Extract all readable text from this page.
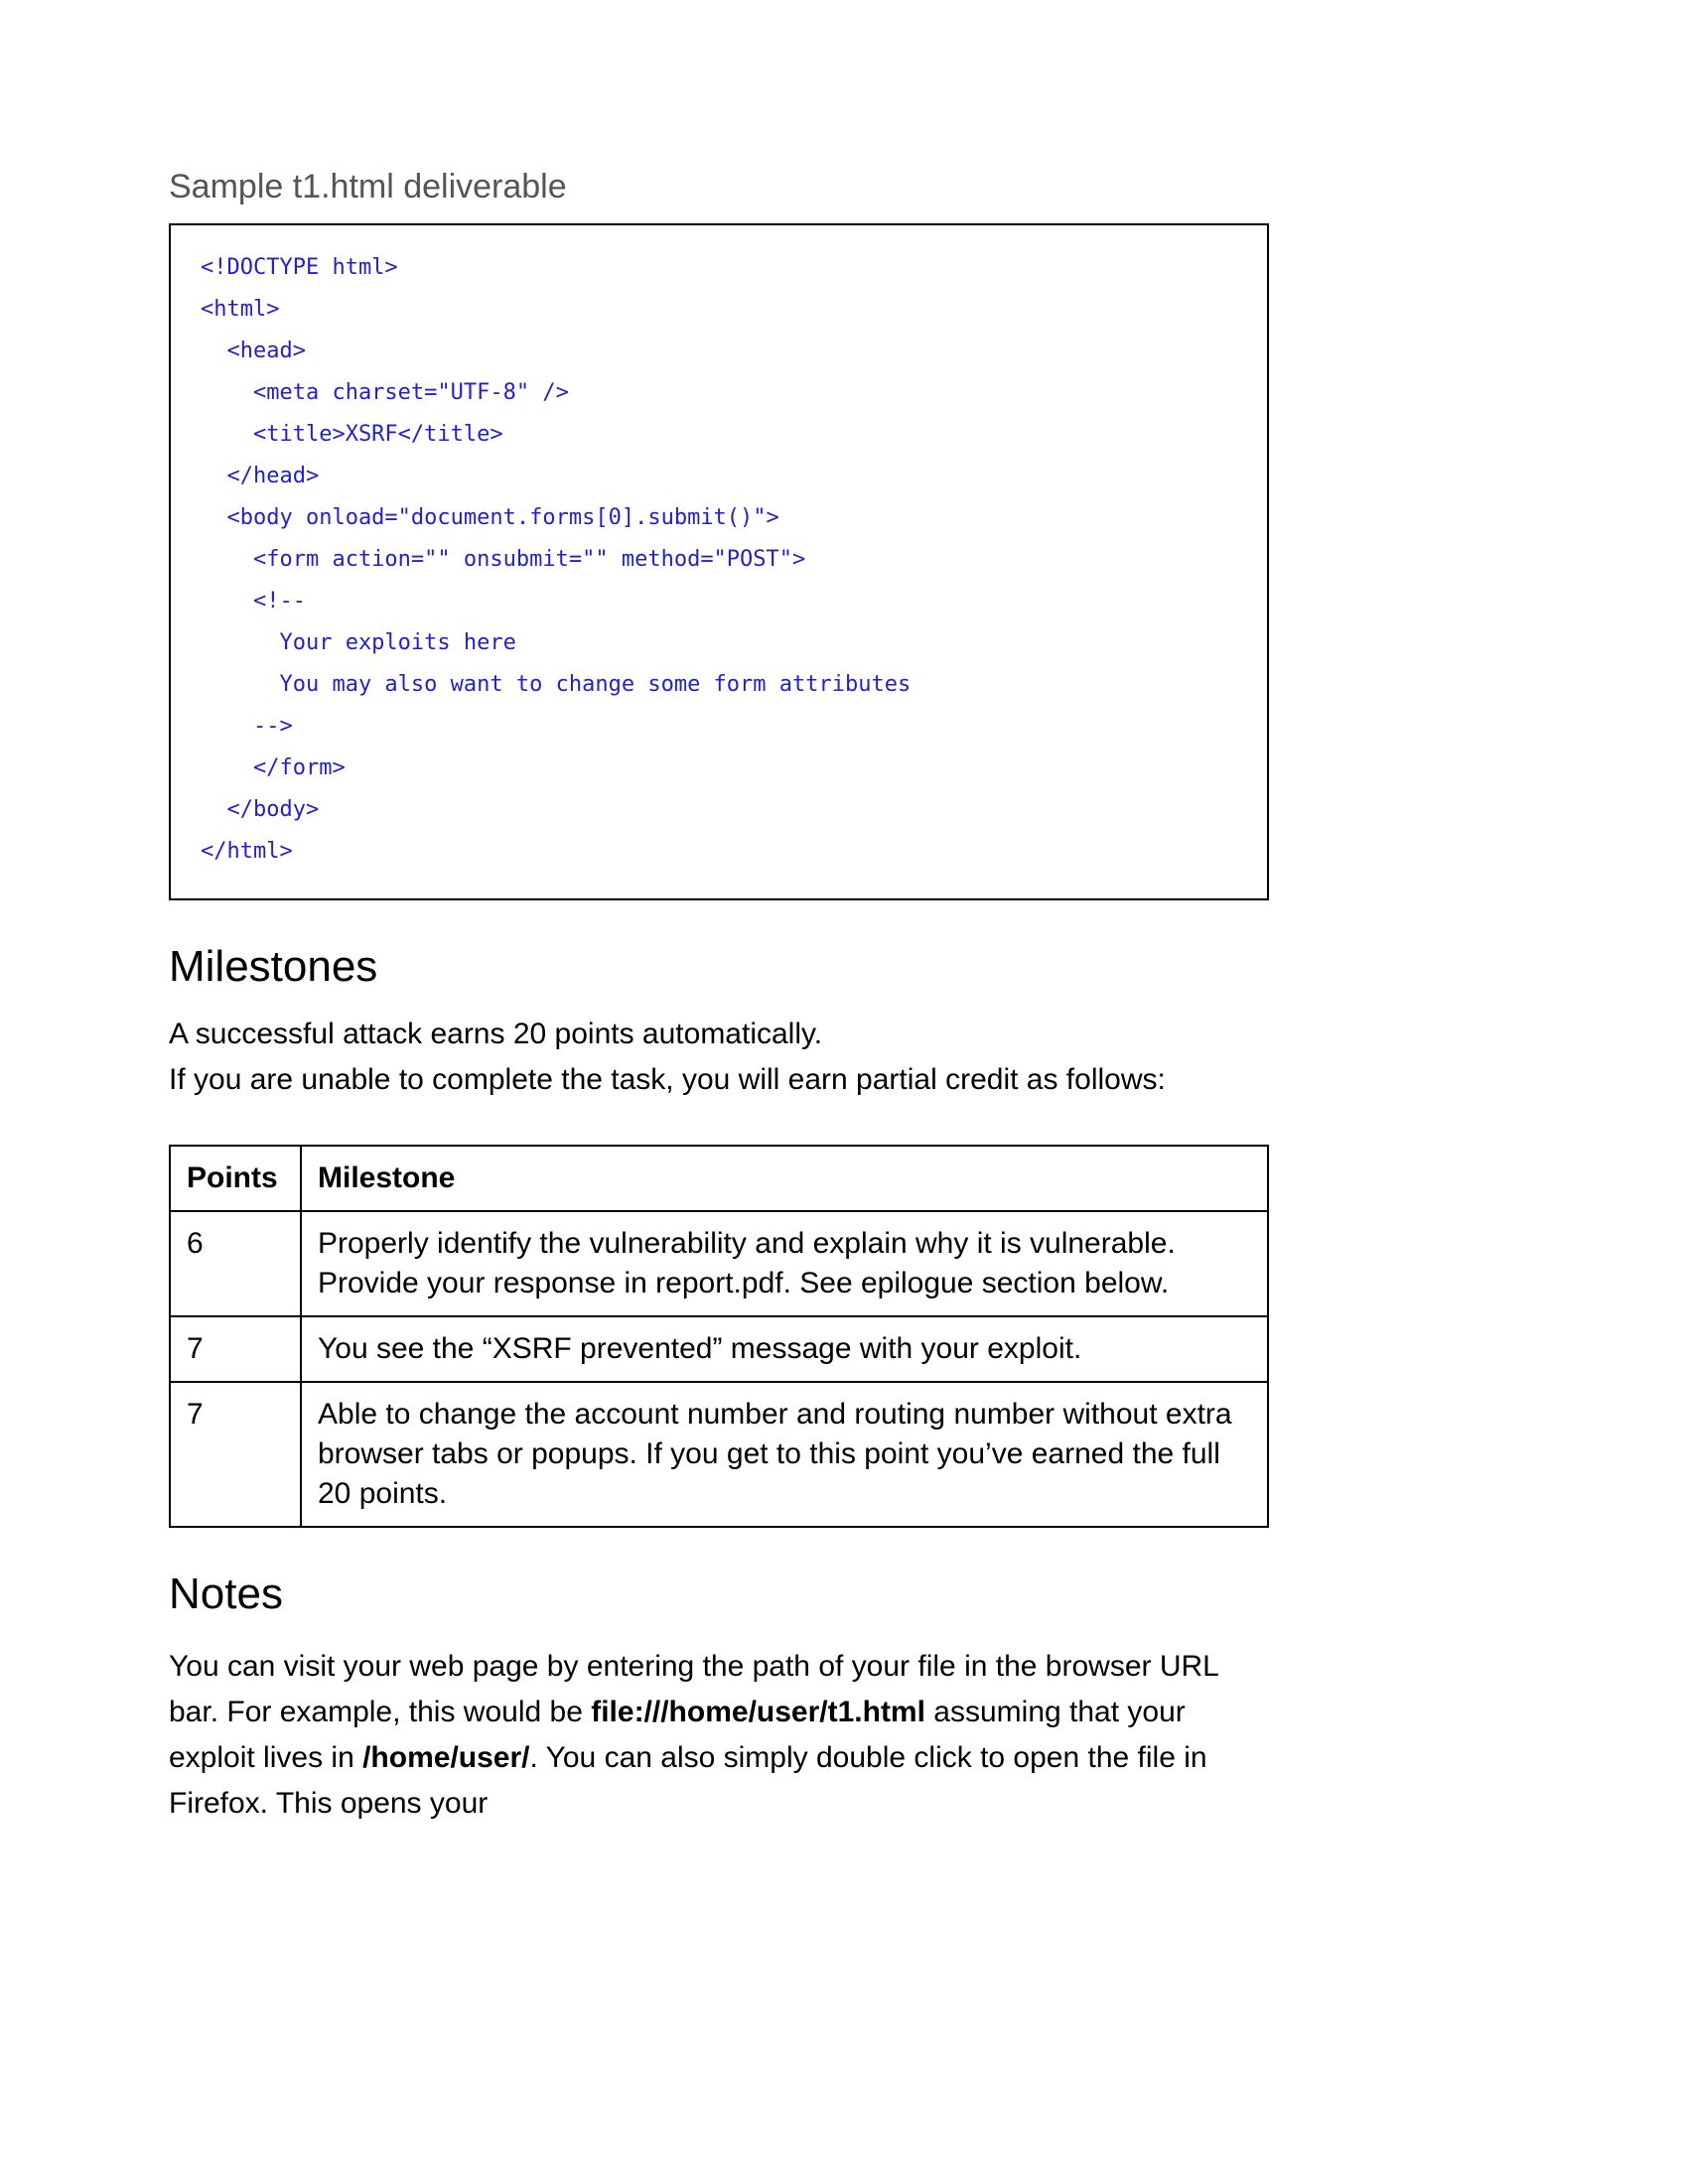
Sample t1.html deliverable
<!DOCTYPE html>
<html>
<head>
<meta charset="UTF-8" />
<title>XSRF</title>
</head>
<body onload="document.forms[0].submit()">
<form action="" onsubmit="" method="POST">
<!--
Your exploits here
You may also want to change some form attributes
-->
</form>
</body>
</html>
Milestones

A successful attack earns 20 points automatically.

If you are unable to complete the task, you will earn partial credit as follows:

Points	Milestone
6	Properly identify the vulnerability and explain why it is vulnerable. Provide your response in report.pdf. See epilogue section below.
7	You see the “XSRF prevented” message with your exploit.
7	Able to change the account number and routing number without extra browser tabs or popups. If you get to this point you’ve earned the full 20 points.
Notes

You can visit your web page by entering the path of your file in the browser URL bar. For example, this would be file:///home/user/t1.html assuming that your exploit lives in /home/user/. You can also simply double click to open the file in Firefox. This opens your
